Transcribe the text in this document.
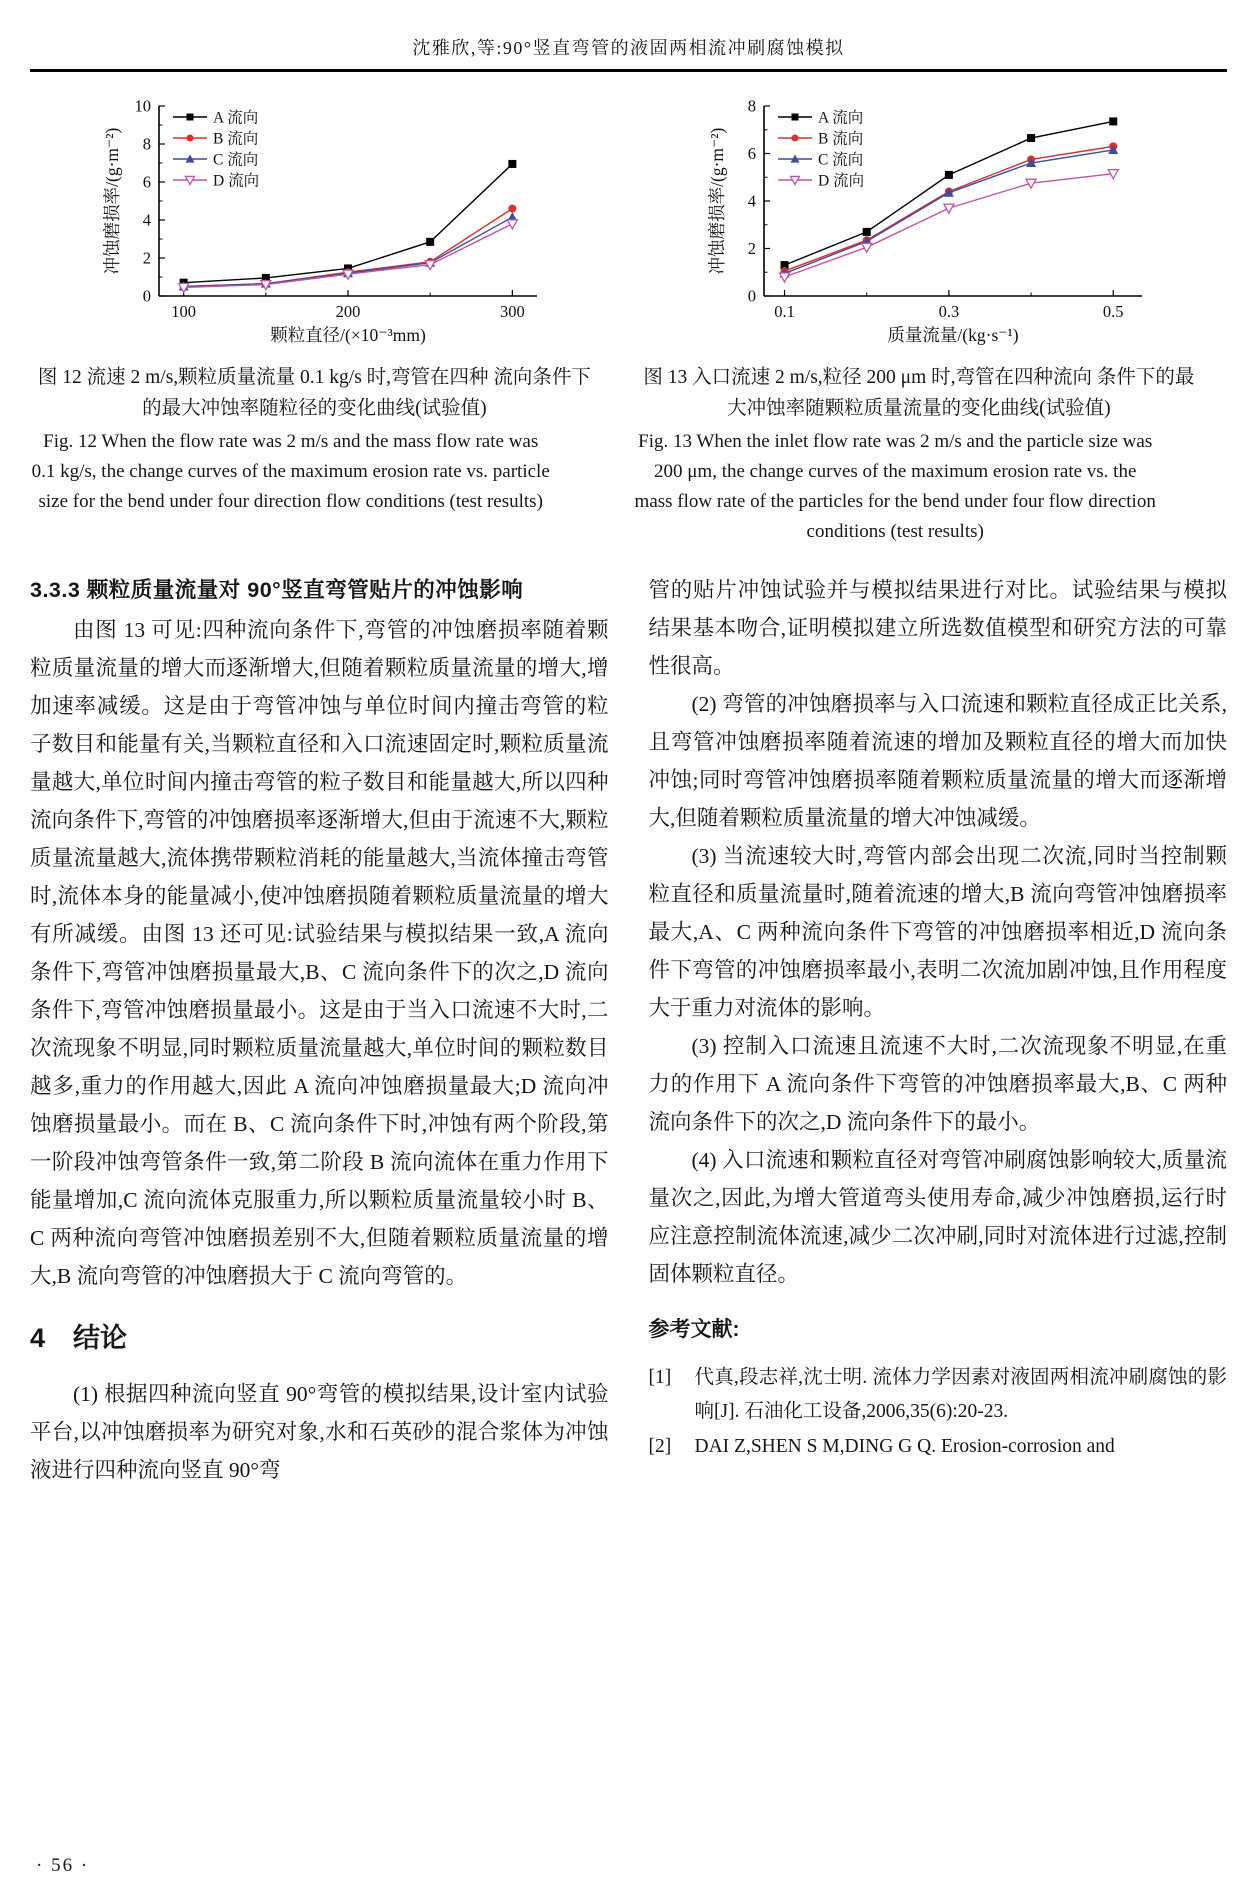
沈雅欣,等:90°竖直弯管的液固两相流冲刷腐蚀模拟
100	200	300
0
2
4
6
8
10
颗粒直径/(×10⁻³mm)
冲蚀磨损率/(g·m⁻²)
A 流向
B 流向
C 流向
D 流向

图 12 流速 2 m/s,颗粒质量流量 0.1 kg/s 时,弯管在四种 流向条件下的最大冲蚀率随粒径的变化曲线(试验值)

Fig. 12 When the flow rate was 2 m/s and the mass flow rate was 0.1 kg/s, the change curves of the maximum erosion rate vs. particle size for the bend under four direction flow conditions (test results)

0.1	0.3	0.5
0
2
4
6
8
质量流量/(kg·s⁻¹)
冲蚀磨损率/(g·m⁻²)
A 流向
B 流向
C 流向
D 流向

图 13 入口流速 2 m/s,粒径 200 μm 时,弯管在四种流向 条件下的最大冲蚀率随颗粒质量流量的变化曲线(试验值)

Fig. 13 When the inlet flow rate was 2 m/s and the particle size was 200 μm, the change curves of the maximum erosion rate vs. the mass flow rate of the particles for the bend under four flow direction conditions (test results)

3.3.3 颗粒质量流量对 90°竖直弯管贴片的冲蚀影响

由图 13 可见:四种流向条件下,弯管的冲蚀磨损率随着颗粒质量流量的增大而逐渐增大,但随着颗粒质量流量的增大,增加速率减缓。这是由于弯管冲蚀与单位时间内撞击弯管的粒子数目和能量有关,当颗粒直径和入口流速固定时,颗粒质量流量越大,单位时间内撞击弯管的粒子数目和能量越大,所以四种流向条件下,弯管的冲蚀磨损率逐渐增大,但由于流速不大,颗粒质量流量越大,流体携带颗粒消耗的能量越大,当流体撞击弯管时,流体本身的能量减小,使冲蚀磨损随着颗粒质量流量的增大有所减缓。由图 13 还可见:试验结果与模拟结果一致,A 流向条件下,弯管冲蚀磨损量最大,B、C 流向条件下的次之,D 流向条件下,弯管冲蚀磨损量最小。这是由于当入口流速不大时,二次流现象不明显,同时颗粒质量流量越大,单位时间的颗粒数目越多,重力的作用越大,因此 A 流向冲蚀磨损量最大;D 流向冲蚀磨损量最小。而在 B、C 流向条件下时,冲蚀有两个阶段,第一阶段冲蚀弯管条件一致,第二阶段 B 流向流体在重力作用下能量增加,C 流向流体克服重力,所以颗粒质量流量较小时 B、C 两种流向弯管冲蚀磨损差别不大,但随着颗粒质量流量的增大,B 流向弯管的冲蚀磨损大于 C 流向弯管的。

4 结论

(1) 根据四种流向竖直 90°弯管的模拟结果,设计室内试验平台,以冲蚀磨损率为研究对象,水和石英砂的混合浆体为冲蚀液进行四种流向竖直 90°弯

管的贴片冲蚀试验并与模拟结果进行对比。试验结果与模拟结果基本吻合,证明模拟建立所选数值模型和研究方法的可靠性很高。

(2) 弯管的冲蚀磨损率与入口流速和颗粒直径成正比关系,且弯管冲蚀磨损率随着流速的增加及颗粒直径的增大而加快冲蚀;同时弯管冲蚀磨损率随着颗粒质量流量的增大而逐渐增大,但随着颗粒质量流量的增大冲蚀减缓。

(3) 当流速较大时,弯管内部会出现二次流,同时当控制颗粒直径和质量流量时,随着流速的增大,B 流向弯管冲蚀磨损率最大,A、C 两种流向条件下弯管的冲蚀磨损率相近,D 流向条件下弯管的冲蚀磨损率最小,表明二次流加剧冲蚀,且作用程度大于重力对流体的影响。

(3) 控制入口流速且流速不大时,二次流现象不明显,在重力的作用下 A 流向条件下弯管的冲蚀磨损率最大,B、C 两种流向条件下的次之,D 流向条件下的最小。

(4) 入口流速和颗粒直径对弯管冲刷腐蚀影响较大,质量流量次之,因此,为增大管道弯头使用寿命,减少冲蚀磨损,运行时应注意控制流体流速,减少二次冲刷,同时对流体进行过滤,控制固体颗粒直径。

参考文献:

[1]	代真,段志祥,沈士明. 流体力学因素对液固两相流冲刷腐蚀的影响[J]. 石油化工设备,2006,35(6):20-23.
[2]	DAI Z,SHEN S M,DING G Q. Erosion-corrosion and
· 56 ·
